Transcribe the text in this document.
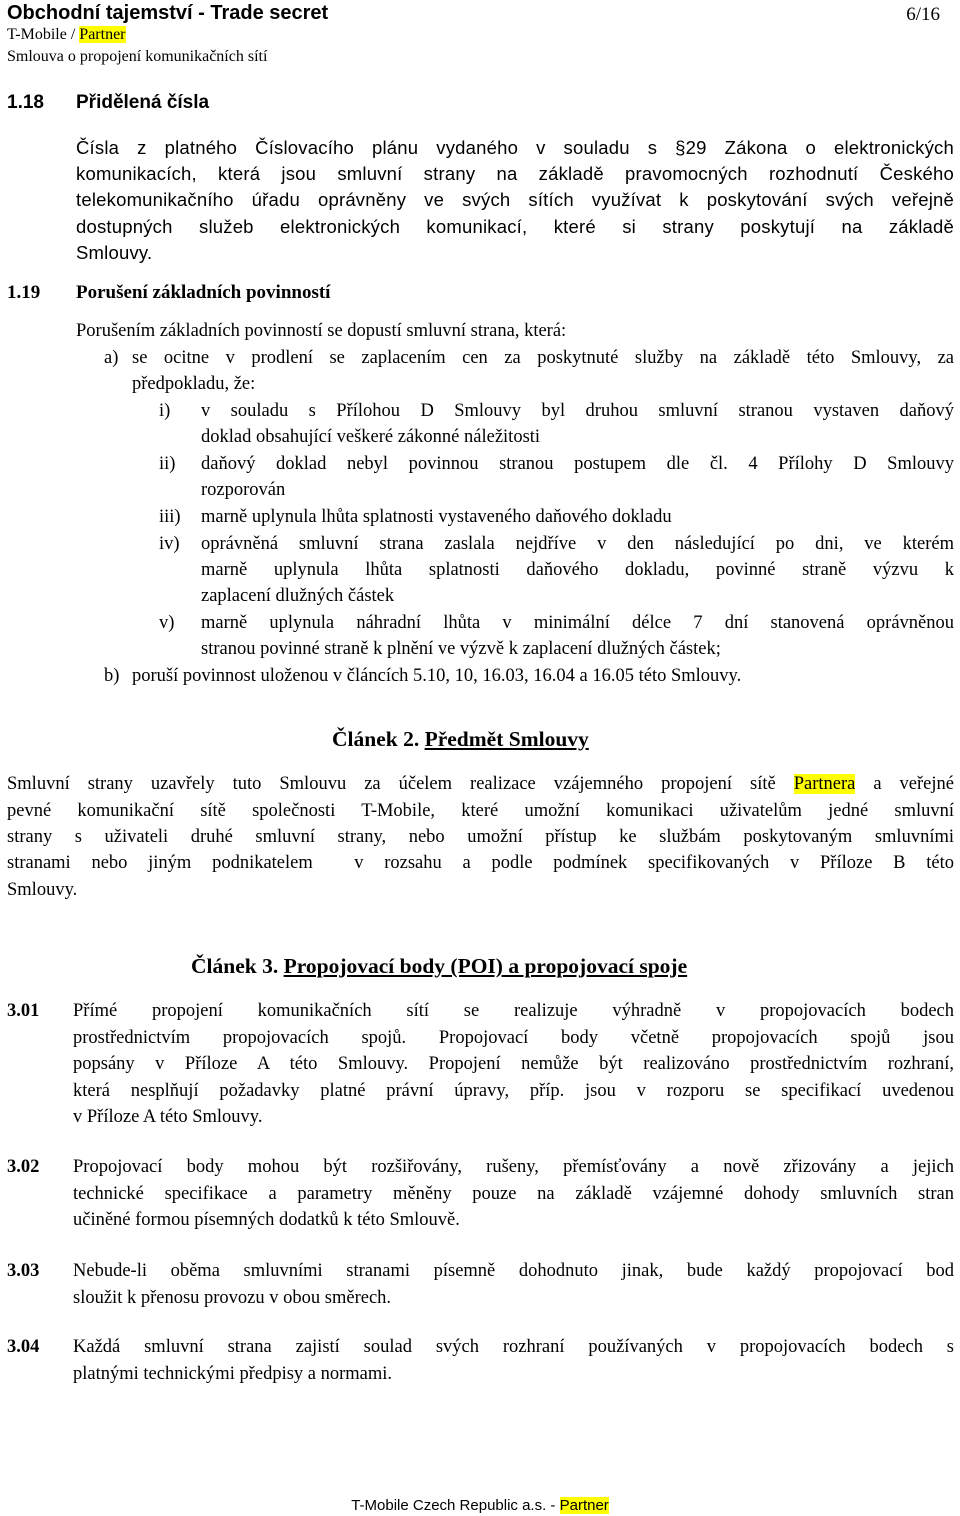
Obchodní tajemství - Trade secret	6/16
T-Mobile / Partner
Smlouva o propojení komunikačních sítí
1.18 Přidělená čísla
Čísla z platného Číslovacího plánu vydaného v souladu s §29 Zákona o elektronických
komunikacích, která jsou smluvní strany na základě pravomocných rozhodnutí Českého
telekomunikačního úřadu oprávněny ve svých sítích využívat k poskytování svých veřejně
dostupných služeb elektronických komunikací, které si strany poskytují na základě
Smlouvy.
1.19 Porušení základních povinností
Porušením základních povinností se dopustí smluvní strana, která:
a) se ocitne v prodlení se zaplacením cen za poskytnuté služby na základě této Smlouvy, za
předpokladu, že:
i) v souladu s Přílohou D Smlouvy byl druhou smluvní stranou vystaven daňový
doklad obsahující veškeré zákonné náležitosti
ii) daňový doklad nebyl povinnou stranou postupem dle čl. 4 Přílohy D Smlouvy
rozporován
iii) marně uplynula lhůta splatnosti vystaveného daňového dokladu
iv) oprávněná smluvní strana zaslala nejdříve v den následující po dni, ve kterém
marně uplynula lhůta splatnosti daňového dokladu, povinné straně výzvu k
zaplacení dlužných částek
v) marně uplynula náhradní lhůta v minimální délce 7 dní stanovená oprávněnou
stranou povinné straně k plnění ve výzvě k zaplacení dlužných částek;
b) poruší povinnost uloženou v článcích 5.10, 10, 16.03, 16.04 a 16.05 této Smlouvy.
Článek 2. Předmět Smlouvy
Smluvní strany uzavřely tuto Smlouvu za účelem realizace vzájemného propojení sítě Partnera a veřejné
pevné komunikační sítě společnosti T-Mobile, které umožní komunikaci uživatelům jedné smluvní
strany s uživateli druhé smluvní strany, nebo umožní přístup ke službám poskytovaným smluvními
stranami nebo jiným podnikatelem  v rozsahu a podle podmínek specifikovaných v Příloze B této
Smlouvy.
Článek 3. Propojovací body (POI) a propojovací spoje
3.01 Přímé propojení komunikačních sítí se realizuje výhradně v propojovacích bodech
prostřednictvím propojovacích spojů. Propojovací body včetně propojovacích spojů jsou
popsány v Příloze A této Smlouvy. Propojení nemůže být realizováno prostřednictvím rozhraní,
která nesplňují požadavky platné právní úpravy, příp. jsou v rozporu se specifikací uvedenou
v Příloze A této Smlouvy.
3.02 Propojovací body mohou být rozšiřovány, rušeny, přemísťovány a nově zřizovány a jejich
technické specifikace a parametry měněny pouze na základě vzájemné dohody smluvních stran
učiněné formou písemných dodatků k této Smlouvě.
3.03 Nebude-li oběma smluvními stranami písemně dohodnuto jinak, bude každý propojovací bod
sloužit k přenosu provozu v obou směrech.
3.04 Každá smluvní strana zajistí soulad svých rozhraní používaných v propojovacích bodech s
platnými technickými předpisy a normami.
T-Mobile Czech Republic a.s. - Partner
